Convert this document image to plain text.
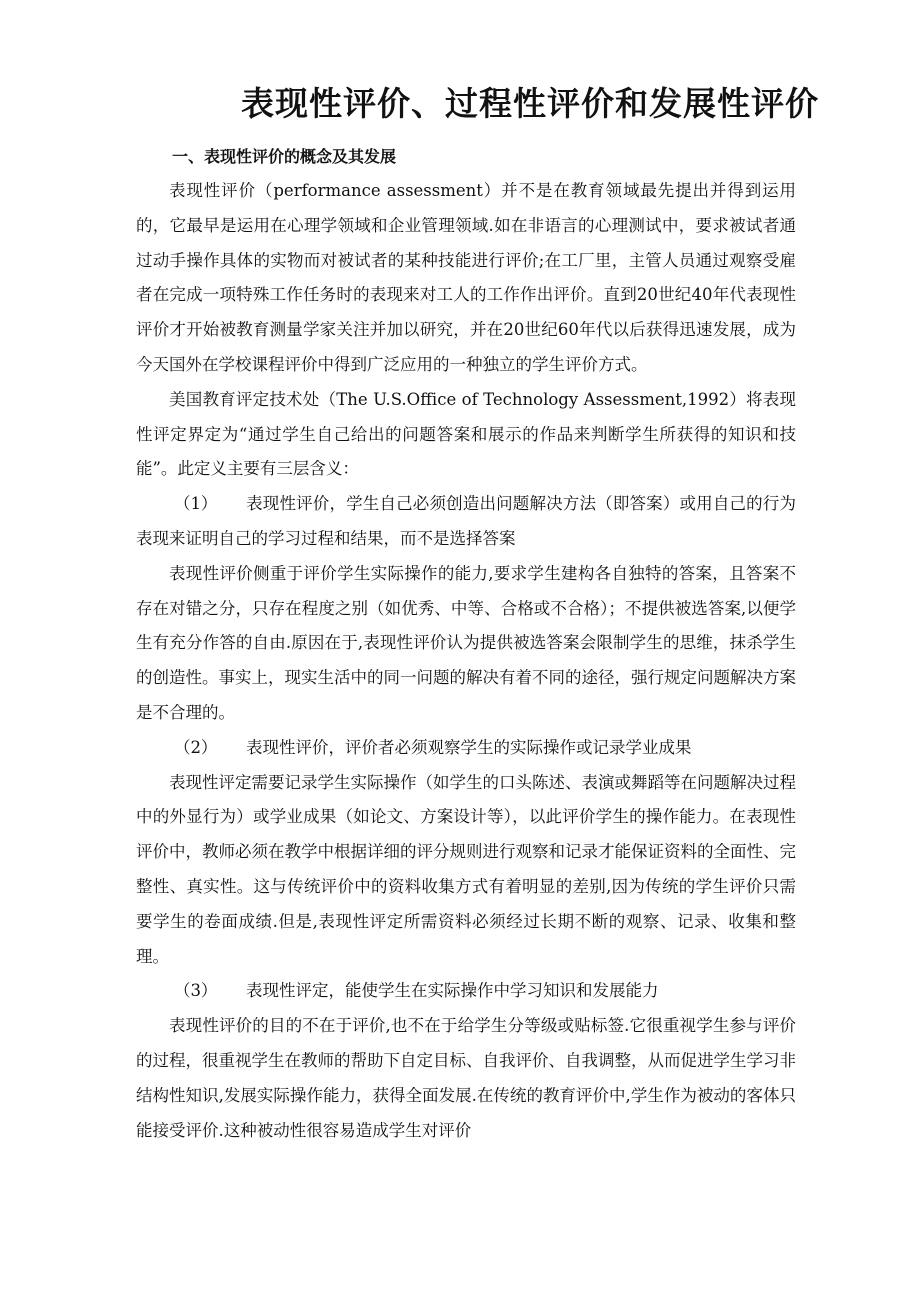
表现性评价、过程性评价和发展性评价
一、表现性评价的概念及其发展

表现性评价（performance assessment）并不是在教育领域最先提出并得到运用的，它最早是运用在心理学领域和企业管理领域.如在非语言的心理测试中，要求被试者通过动手操作具体的实物而对被试者的某种技能进行评价;在工厂里，主管人员通过观察受雇者在完成一项特殊工作任务时的表现来对工人的工作作出评价。直到20世纪40年代表现性评价才开始被教育测量学家关注并加以研究，并在20世纪60年代以后获得迅速发展，成为今天国外在学校课程评价中得到广泛应用的一种独立的学生评价方式。

美国教育评定技术处（The U.S.Office of Technology Assessment,1992）将表现性评定界定为“通过学生自己给出的问题答案和展示的作品来判断学生所获得的知识和技能”。此定义主要有三层含义：

（1） 表现性评价，学生自己必须创造出问题解决方法（即答案）或用自己的行为表现来证明自己的学习过程和结果，而不是选择答案

表现性评价侧重于评价学生实际操作的能力,要求学生建构各自独特的答案，且答案不存在对错之分，只存在程度之别（如优秀、中等、合格或不合格）；不提供被选答案,以便学生有充分作答的自由.原因在于,表现性评价认为提供被选答案会限制学生的思维，抹杀学生的创造性。事实上，现实生活中的同一问题的解决有着不同的途径，强行规定问题解决方案是不合理的。

（2） 表现性评价，评价者必须观察学生的实际操作或记录学业成果

表现性评定需要记录学生实际操作（如学生的口头陈述、表演或舞蹈等在问题解决过程中的外显行为）或学业成果（如论文、方案设计等），以此评价学生的操作能力。在表现性评价中，教师必须在教学中根据详细的评分规则进行观察和记录才能保证资料的全面性、完整性、真实性。这与传统评价中的资料收集方式有着明显的差别,因为传统的学生评价只需要学生的卷面成绩.但是,表现性评定所需资料必须经过长期不断的观察、记录、收集和整理。

（3） 表现性评定，能使学生在实际操作中学习知识和发展能力

表现性评价的目的不在于评价,也不在于给学生分等级或贴标签.它很重视学生参与评价的过程，很重视学生在教师的帮助下自定目标、自我评价、自我调整，从而促进学生学习非结构性知识,发展实际操作能力，获得全面发展.在传统的教育评价中,学生作为被动的客体只能接受评价.这种被动性很容易造成学生对评价
